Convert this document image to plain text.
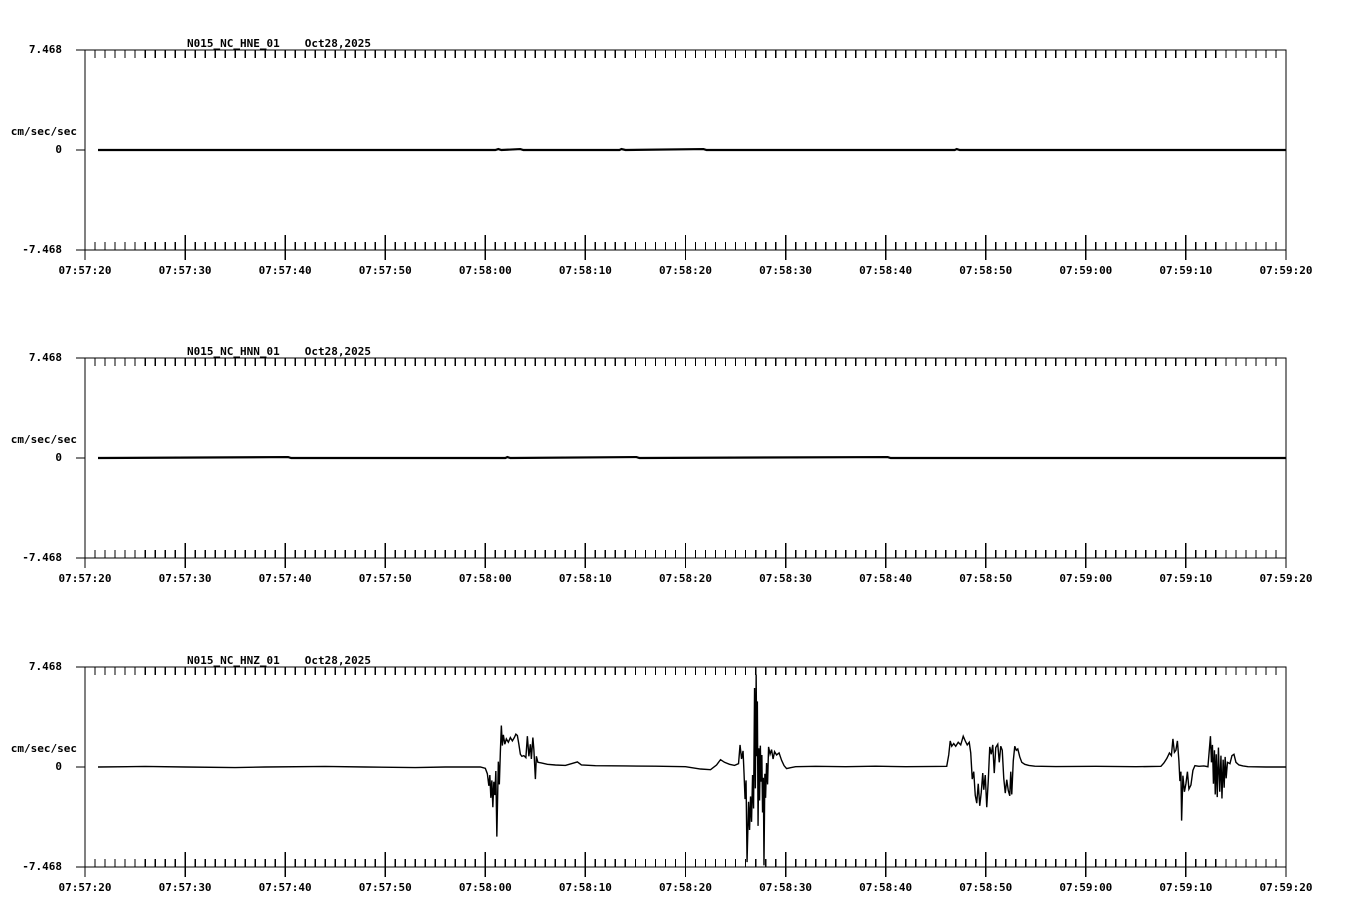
N015_NC_HNE_01 Oct28,2025
7.468
cm/sec/sec
0
-7.468
N015_NC_HNN_01 Oct28,2025
7.468
cm/sec/sec
0
-7.468
N015_NC_HNZ_01 Oct28,2025
7.468
cm/sec/sec
0
-7.468
07:57:20	07:57:30	07:57:40	07:57:50	07:58:00	07:58:10	07:58:20	07:58:30	07:58:40	07:58:50	07:59:00	07:59:10	07:59:20
07:57:20	07:57:30	07:57:40	07:57:50	07:58:00	07:58:10	07:58:20	07:58:30	07:58:40	07:58:50	07:59:00	07:59:10	07:59:20
07:57:20	07:57:30	07:57:40	07:57:50	07:58:00	07:58:10	07:58:20	07:58:30	07:58:40	07:58:50	07:59:00	07:59:10	07:59:20
